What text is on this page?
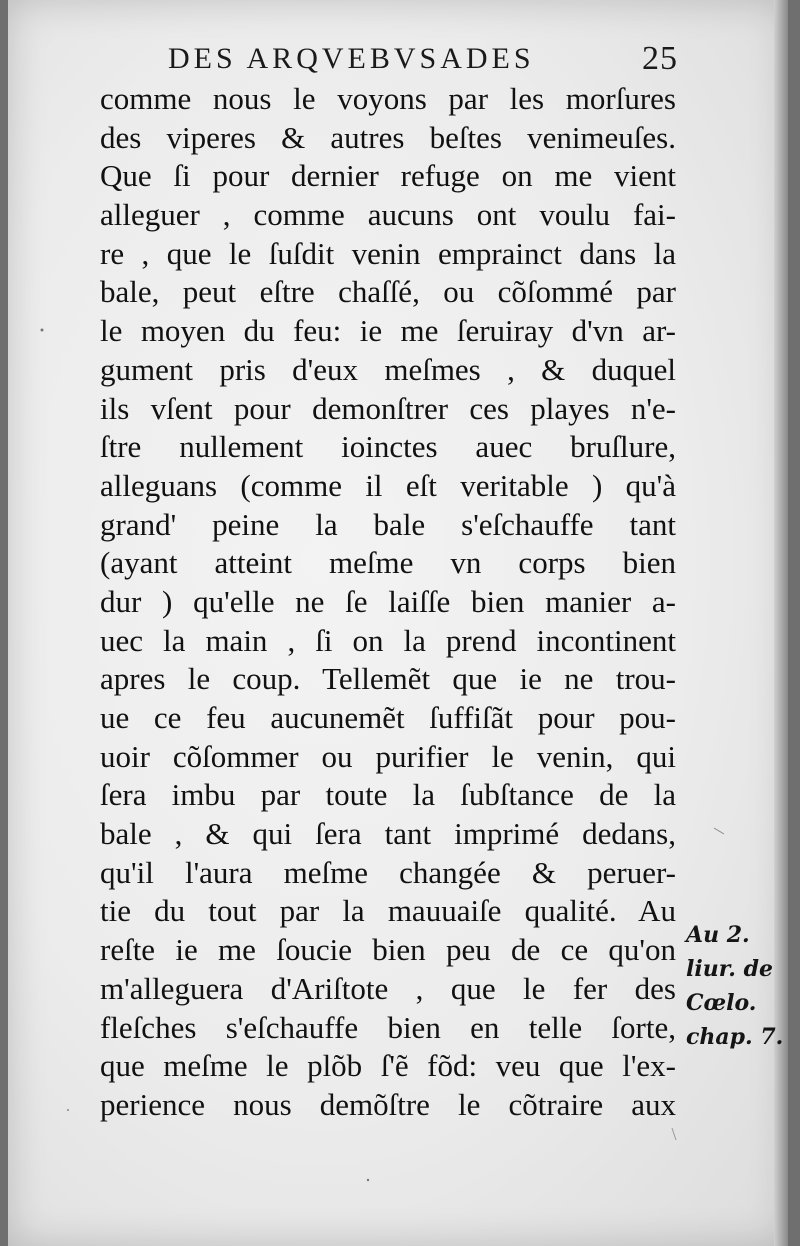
DES ARQVEBVSADES	25
comme nous le voyons par les morſures
des viperes & autres beſtes venimeuſes.
Que ſi pour dernier refuge on me vient
alleguer , comme aucuns ont voulu fai-
re , que le ſuſdit venin emprainct dans la
bale, peut eſtre chaſſé, ou cõſommé par
le moyen du feu: ie me ſeruiray d'vn ar-
gument pris d'eux meſmes , & duquel
ils vſent pour demonſtrer ces playes n'e-
ſtre nullement ioinctes auec bruſlure,
alleguans (comme il eſt veritable ) qu'à
grand' peine la bale s'eſchauffe tant
(ayant atteint meſme vn corps bien
dur ) qu'elle ne ſe laiſſe bien manier a-
uec la main , ſi on la prend incontinent
apres le coup. Tellemẽt que ie ne trou-
ue ce feu aucunemẽt ſuffiſãt pour pou-
uoir cõſommer ou purifier le venin, qui
ſera imbu par toute la ſubſtance de la
bale , & qui ſera tant imprimé dedans,
qu'il l'aura meſme changée & peruer-
tie du tout par la mauuaiſe qualité. Au
reſte ie me ſoucie bien peu de ce qu'on
m'alleguera d'Ariſtote , que le fer des
fleſches s'eſchauffe bien en telle ſorte,
que meſme le plõb ſ'ẽ fõd: veu que l'ex-
perience nous demõſtre le cõtraire aux
Au 2.
liur. de
Cœlo.
chap. 7.
